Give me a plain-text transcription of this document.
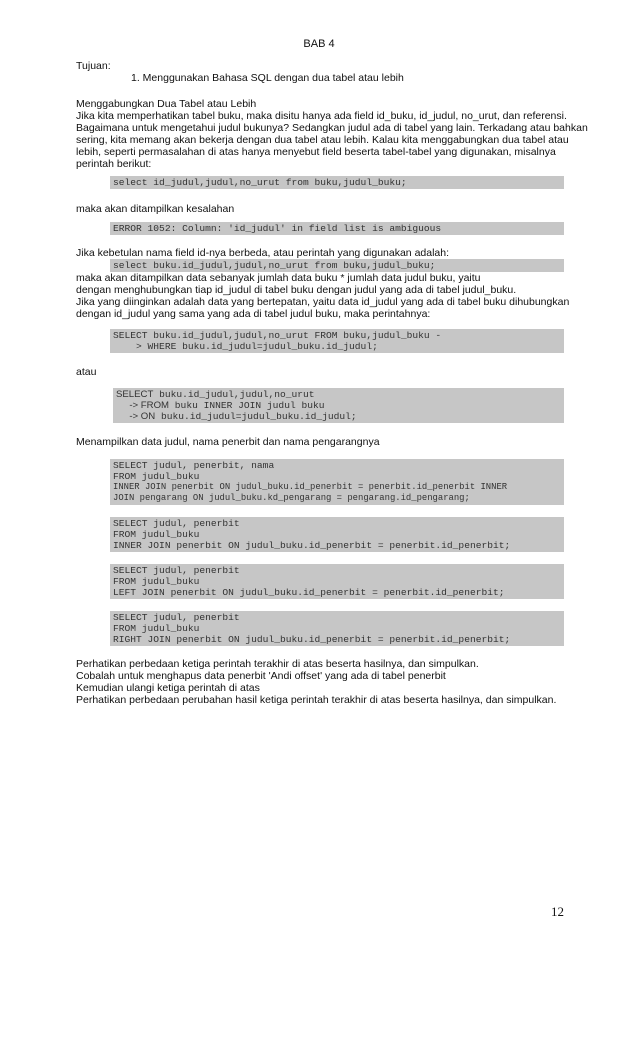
BAB 4
Tujuan:
1. Menggunakan Bahasa SQL dengan dua tabel atau lebih
Menggabungkan Dua Tabel atau Lebih
Jika kita memperhatikan tabel buku, maka disitu hanya ada field id_buku, id_judul, no_urut, dan referensi.
Bagaimana untuk mengetahui judul bukunya? Sedangkan judul ada di tabel yang lain. Terkadang atau bahkan
sering, kita memang akan bekerja dengan dua tabel atau lebih. Kalau kita menggabungkan dua tabel atau
lebih, seperti permasalahan di atas hanya menyebut field beserta tabel-tabel yang digunakan, misalnya
perintah berikut:
select id_judul,judul,no_urut from buku,judul_buku;
maka akan ditampilkan kesalahan
ERROR 1052: Column: 'id_judul' in field list is ambiguous
Jika kebetulan nama field id-nya berbeda, atau perintah yang digunakan adalah:
select buku.id_judul,judul,no_urut from buku,judul_buku;
maka akan ditampilkan data sebanyak jumlah data buku * jumlah data judul buku, yaitu
dengan menghubungkan tiap id_judul di tabel buku dengan judul yang ada di tabel judul_buku.
Jika yang diinginkan adalah data yang bertepatan, yaitu data id_judul yang ada di tabel buku dihubungkan
dengan id_judul yang sama yang ada di tabel judul buku, maka perintahnya:
SELECT buku.id_judul,judul,no_urut FROM buku,judul_buku -
> WHERE buku.id_judul=judul_buku.id_judul;
atau
SELECT buku.id_judul,judul,no_urut
-> FROM buku INNER JOIN judul buku
-> ON buku.id_judul=judul_buku.id_judul;
Menampilkan data judul, nama penerbit dan nama pengarangnya
SELECT judul, penerbit, nama
FROM judul_buku
INNER JOIN penerbit ON judul_buku.id_penerbit = penerbit.id_penerbit INNER
JOIN pengarang ON judul_buku.kd_pengarang = pengarang.id_pengarang;
SELECT judul, penerbit
FROM judul_buku
INNER JOIN penerbit ON judul_buku.id_penerbit = penerbit.id_penerbit;
SELECT judul, penerbit
FROM judul_buku
LEFT JOIN penerbit ON judul_buku.id_penerbit = penerbit.id_penerbit;
SELECT judul, penerbit
FROM judul_buku
RIGHT JOIN penerbit ON judul_buku.id_penerbit = penerbit.id_penerbit;
Perhatikan perbedaan ketiga perintah terakhir di atas beserta hasilnya, dan simpulkan.
Cobalah untuk menghapus data penerbit 'Andi offset' yang ada di tabel penerbit
Kemudian ulangi ketiga perintah di atas
Perhatikan perbedaan perubahan hasil ketiga perintah terakhir di atas beserta hasilnya, dan simpulkan.
12
